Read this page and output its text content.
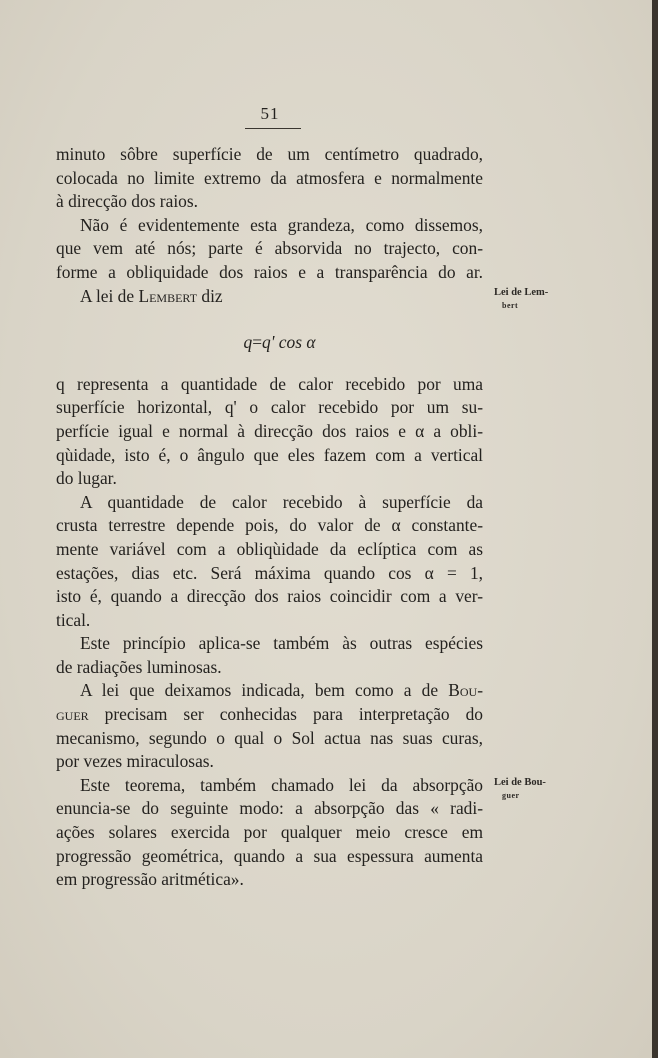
51

minuto sôbre superfície de um centímetro quadrado,
colocada no limite extremo da atmosfera e normalmente
à direcção dos raios.

Não é evidentemente esta grandeza, como dissemos,
que vem até nós; parte é absorvida no trajecto, con-
forme a obliquidade dos raios e a transparência do ar.

A lei de Lembert diz

q=q' cos α

q representa a quantidade de calor recebido por uma
superfície horizontal, q' o calor recebido por um su-
perfície igual e normal à direcção dos raios e α a obli-
qùidade, isto é, o ângulo que eles fazem com a vertical
do lugar.

A quantidade de calor recebido à superfície da
crusta terrestre depende pois, do valor de α constante-
mente variável com a obliqùidade da eclíptica com as
estações, dias etc. Será máxima quando cos α = 1,
isto é, quando a direcção dos raios coincidir com a ver-
tical.

Este princípio aplica-se também às outras espécies
de radiações luminosas.

A lei que deixamos indicada, bem como a de Bou-
guer precisam ser conhecidas para interpretação do
mecanismo, segundo o qual o Sol actua nas suas curas,
por vezes miraculosas.

Este teorema, também chamado lei da absorpção
enuncia-se do seguinte modo: a absorpção das « radi-
ações solares exercida por qualquer meio cresce em
progressão geométrica, quando a sua espessura aumenta
em progressão aritmética».

Lei de Lem-
bert
Lei de Bou-
guer
